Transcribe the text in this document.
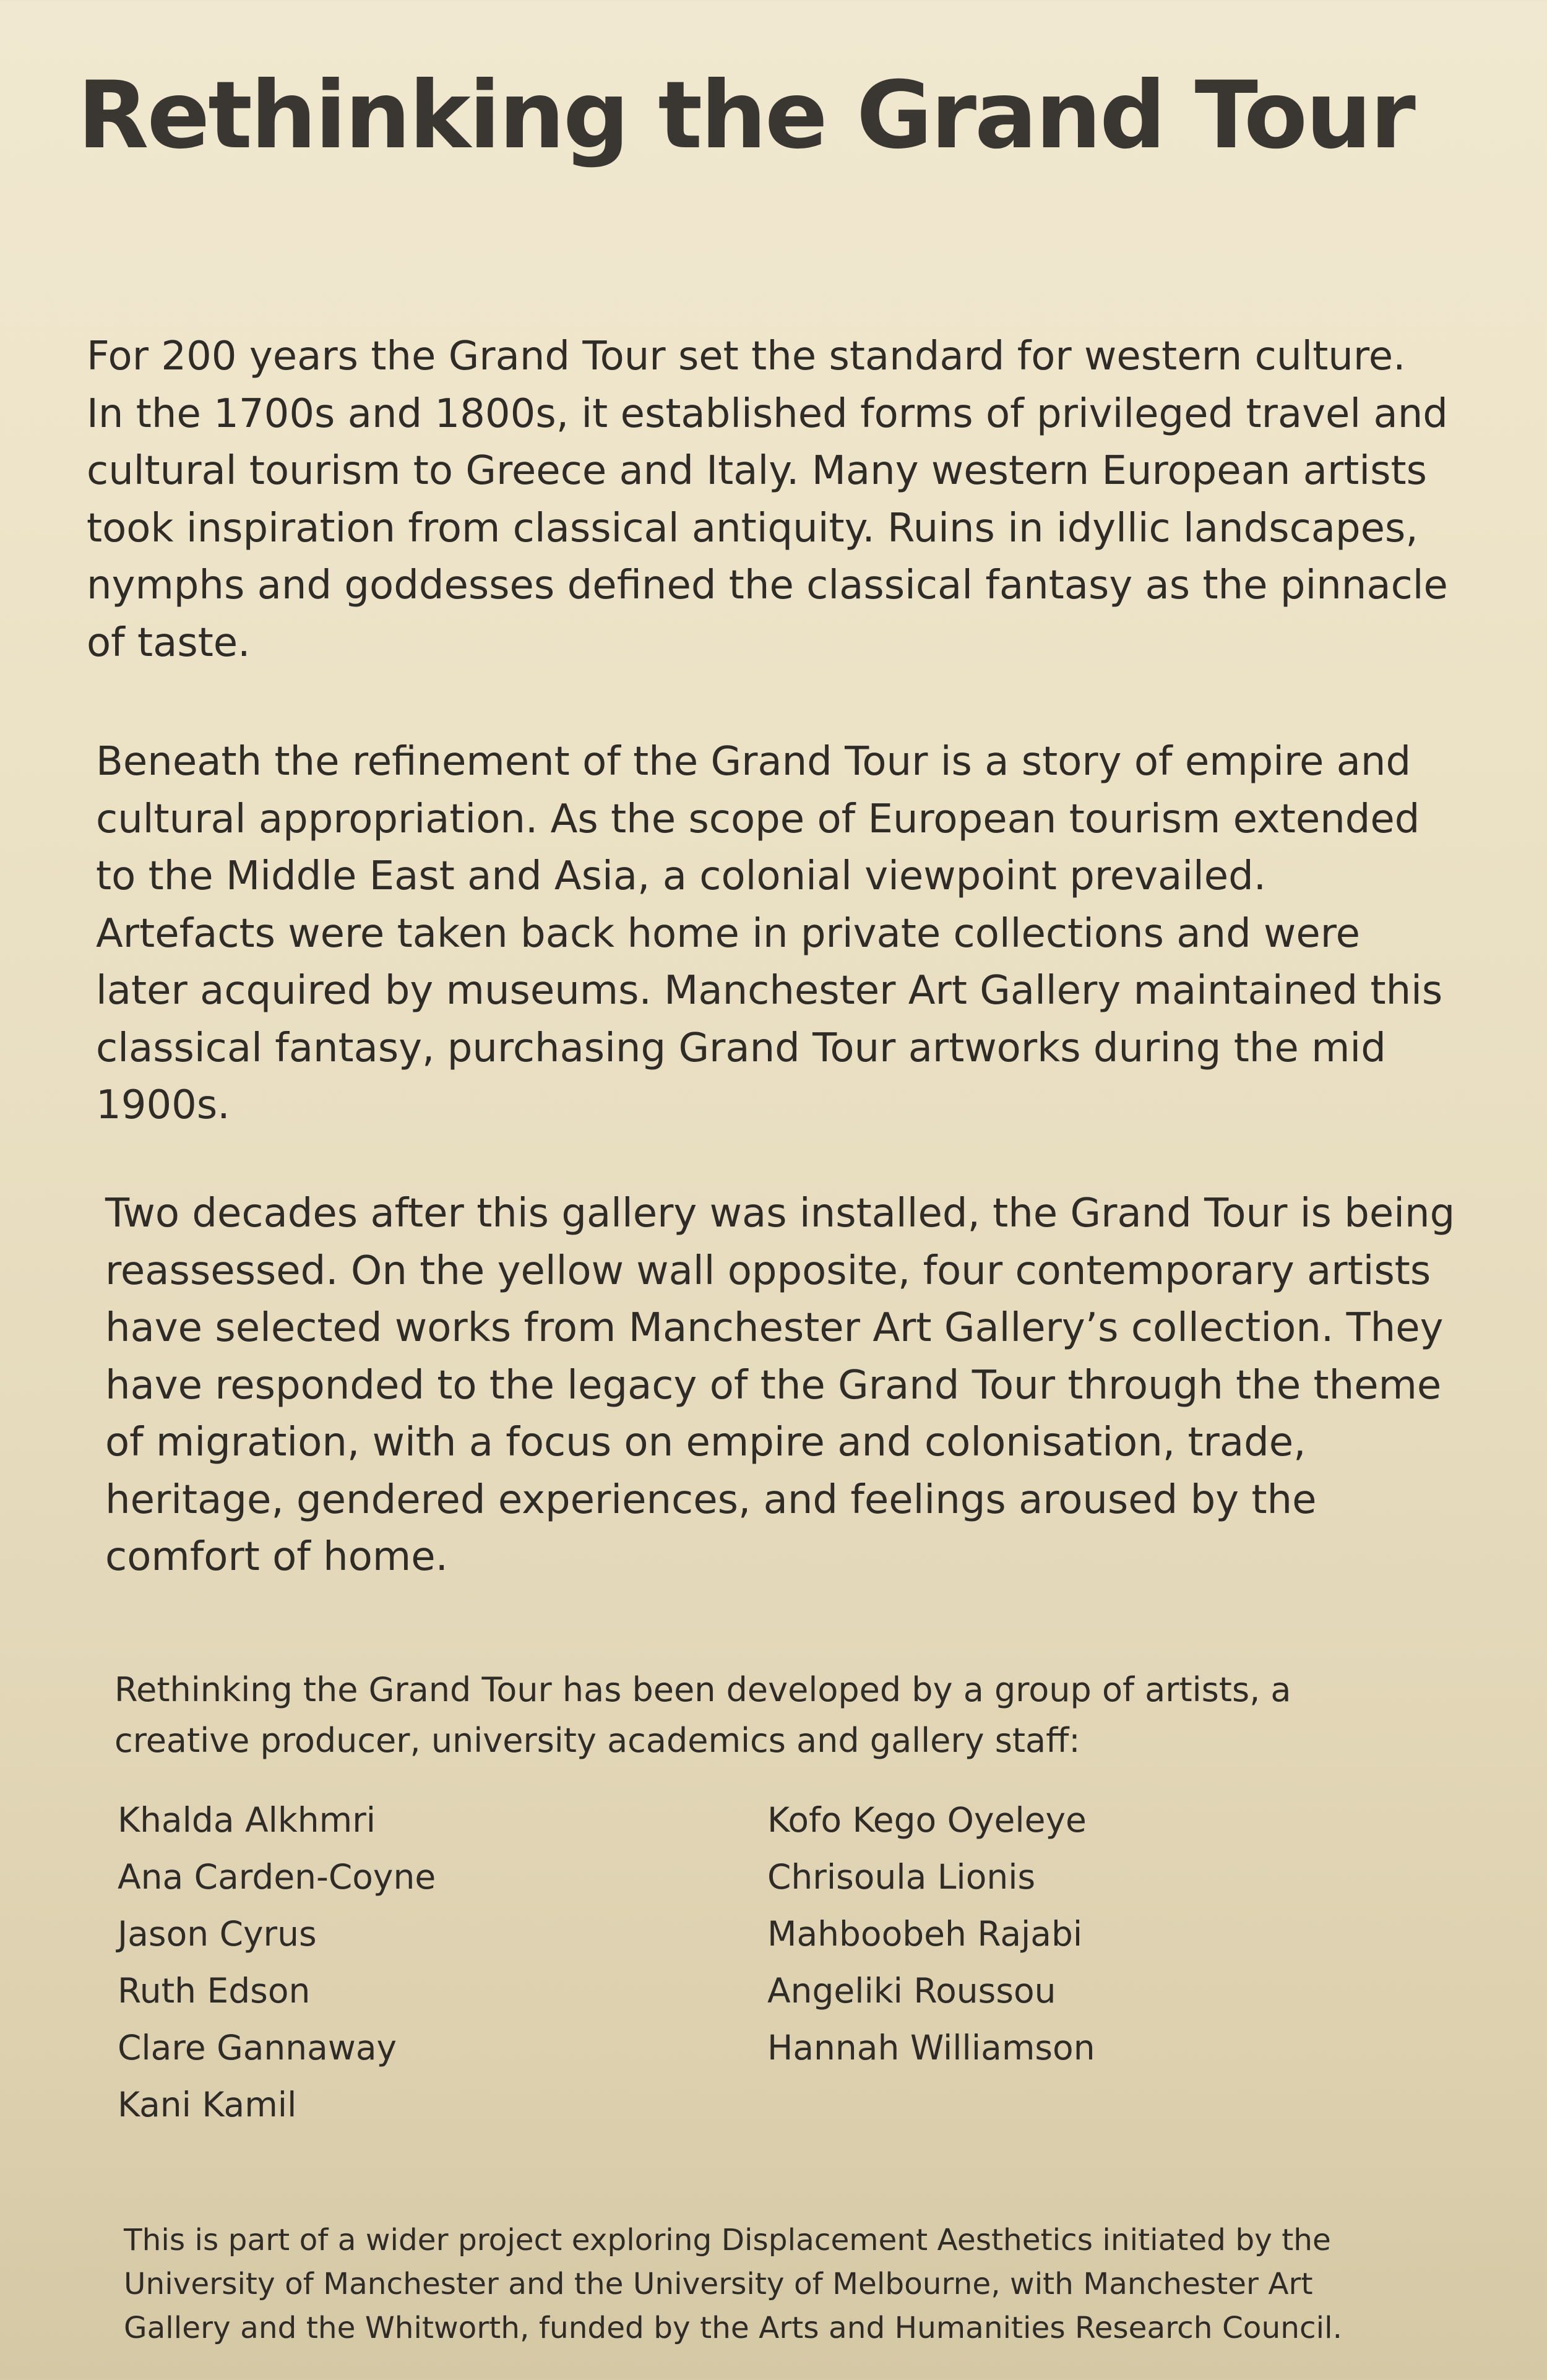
Rethinking the Grand Tour

For 200 years the Grand Tour set the standard for western culture.
In the 1700s and 1800s, it established forms of privileged travel and
cultural tourism to Greece and Italy. Many western European artists
took inspiration from classical antiquity. Ruins in idyllic landscapes,
nymphs and goddesses defined the classical fantasy as the pinnacle
of taste.

Beneath the refinement of the Grand Tour is a story of empire and
cultural appropriation. As the scope of European tourism extended
to the Middle East and Asia, a colonial viewpoint prevailed.
Artefacts were taken back home in private collections and were
later acquired by museums. Manchester Art Gallery maintained this
classical fantasy, purchasing Grand Tour artworks during the mid
1900s.

Two decades after this gallery was installed, the Grand Tour is being
reassessed. On the yellow wall opposite, four contemporary artists
have selected works from Manchester Art Gallery’s collection. They
have responded to the legacy of the Grand Tour through the theme
of migration, with a focus on empire and colonisation, trade,
heritage, gendered experiences, and feelings aroused by the
comfort of home.

Rethinking the Grand Tour has been developed by a group of artists, a
creative producer, university academics and gallery staff:

Khalda Alkhmri
Ana Carden-Coyne
Jason Cyrus
Ruth Edson
Clare Gannaway
Kani Kamil
Kofo Kego Oyeleye
Chrisoula Lionis
Mahboobeh Rajabi
Angeliki Roussou
Hannah Williamson

This is part of a wider project exploring Displacement Aesthetics initiated by the
University of Manchester and the University of Melbourne, with Manchester Art
Gallery and the Whitworth, funded by the Arts and Humanities Research Council.
